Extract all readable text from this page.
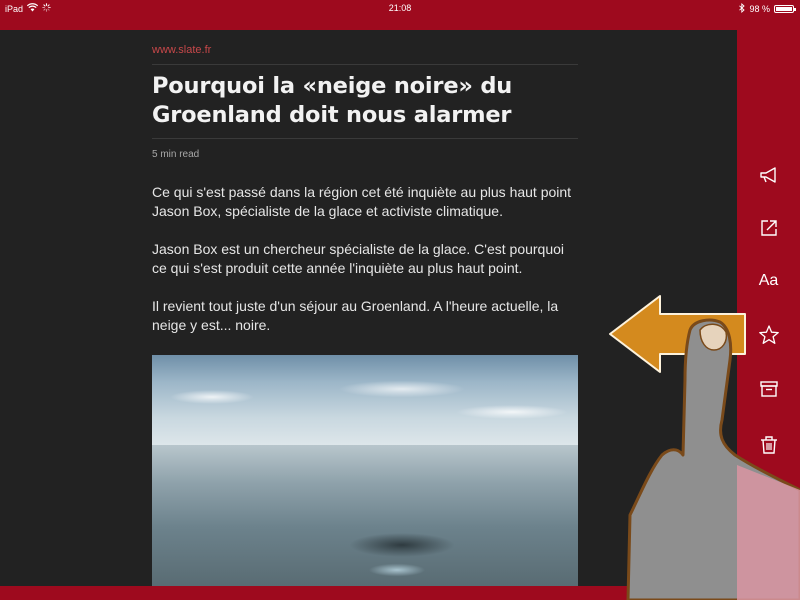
iPad	21:08	98 %
www.slate.fr
Pourquoi la «neige noire» du Groenland doit nous alarmer
5 min read

Ce qui s'est passé dans la région cet été inquiète au plus haut point Jason Box, spécialiste de la glace et activiste climatique.

Jason Box est un chercheur spécialiste de la glace. C'est pourquoi ce qui s'est produit cette année l'inquiète au plus haut point.

Il revient tout juste d'un séjour au Groenland. A l'heure actuelle, la neige y est... noire.

Aa
